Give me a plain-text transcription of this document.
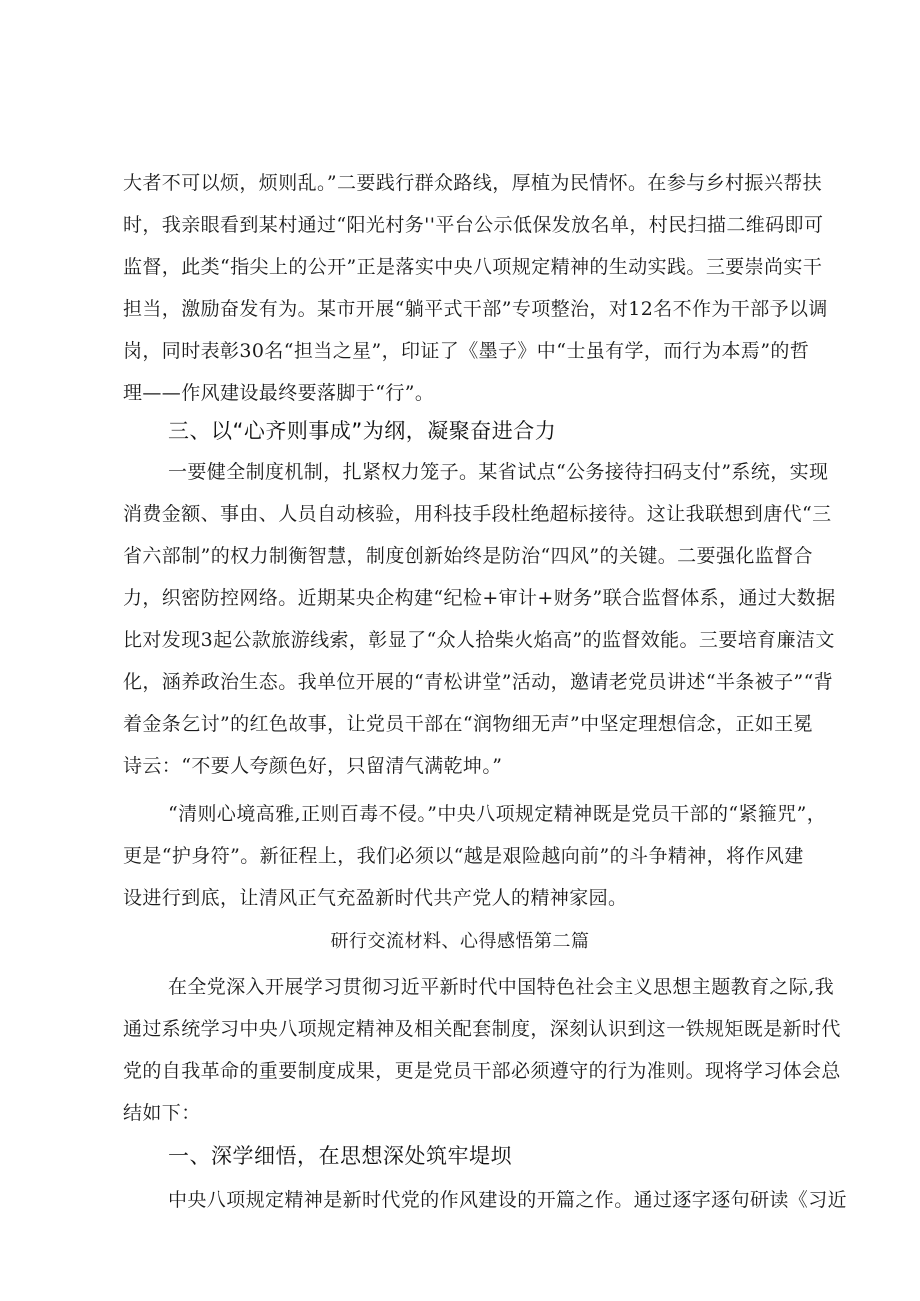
大者不可以烦，烦则乱。”二要践行群众路线，厚植为民情怀。在参与乡村振兴帮扶
时，我亲眼看到某村通过“阳光村务''平台公示低保发放名单，村民扫描二维码即可
监督，此类“指尖上的公开”正是落实中央八项规定精神的生动实践。三要崇尚实干
担当，激励奋发有为。某市开展“躺平式干部”专项整治，对12名不作为干部予以调
岗，同时表彰30名“担当之星”，印证了《墨子》中“士虽有学，而行为本焉”的哲
理——作风建设最终要落脚于“行”。
三、以“心齐则事成”为纲，凝聚奋进合力
一要健全制度机制，扎紧权力笼子。某省试点“公务接待扫码支付”系统，实现
消费金额、事由、人员自动核验，用科技手段杜绝超标接待。这让我联想到唐代“三
省六部制”的权力制衡智慧，制度创新始终是防治“四风”的关键。二要强化监督合
力，织密防控网络。近期某央企构建“纪检+审计+财务”联合监督体系，通过大数据
比对发现3起公款旅游线索，彰显了“众人拾柴火焰高”的监督效能。三要培育廉洁文
化，涵养政治生态。我单位开展的“青松讲堂”活动，邀请老党员讲述“半条被子”“背
着金条乞讨”的红色故事，让党员干部在“润物细无声”中坚定理想信念，正如王冕
诗云：“不要人夸颜色好，只留清气满乾坤。”
“清则心境高雅,正则百毒不侵。”中央八项规定精神既是党员干部的“紧箍咒”，
更是“护身符”。新征程上，我们必须以“越是艰险越向前”的斗争精神，将作风建
设进行到底，让清风正气充盈新时代共产党人的精神家园。
研行交流材料、心得感悟第二篇
在全党深入开展学习贯彻习近平新时代中国特色社会主义思想主题教育之际,我
通过系统学习中央八项规定精神及相关配套制度，深刻认识到这一铁规矩既是新时代
党的自我革命的重要制度成果，更是党员干部必须遵守的行为准则。现将学习体会总
结如下：
一、深学细悟，在思想深处筑牢堤坝
中央八项规定精神是新时代党的作风建设的开篇之作。通过逐字逐句研读《习近
